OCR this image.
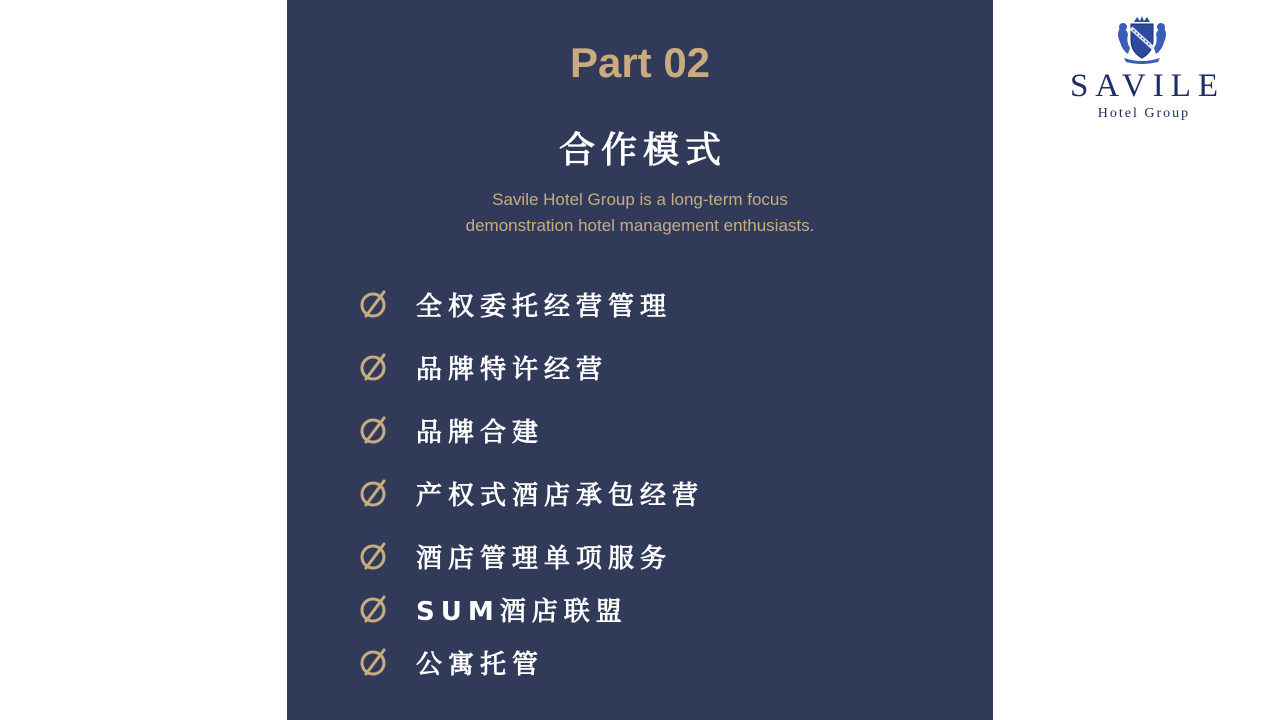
Part 02
合作模式
Savile Hotel Group is a long-term focus
demonstration hotel management enthusiasts.
全权委托经营管理
品牌特许经营
品牌合建
产权式酒店承包经营
酒店管理单项服务
SUM酒店联盟
公寓托管
SAVILE
Hotel Group
